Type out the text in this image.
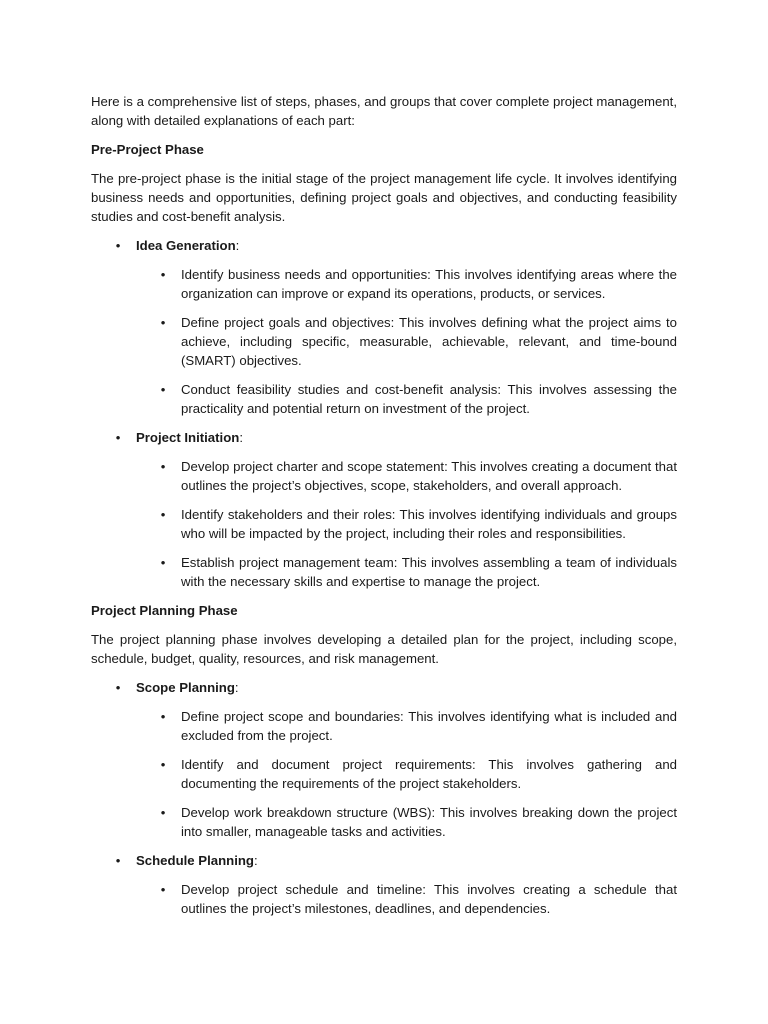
Here is a comprehensive list of steps, phases, and groups that cover complete project management, along with detailed explanations of each part:

Pre-Project Phase

The pre-project phase is the initial stage of the project management life cycle. It involves identifying business needs and opportunities, defining project goals and objectives, and conducting feasibility studies and cost-benefit analysis.

• Idea Generation:
• Identify business needs and opportunities: This involves identifying areas where the organization can improve or expand its operations, products, or services.
• Define project goals and objectives: This involves defining what the project aims to achieve, including specific, measurable, achievable, relevant, and time-bound (SMART) objectives.
• Conduct feasibility studies and cost-benefit analysis: This involves assessing the practicality and potential return on investment of the project.
• Project Initiation:
• Develop project charter and scope statement: This involves creating a document that outlines the project’s objectives, scope, stakeholders, and overall approach.
• Identify stakeholders and their roles: This involves identifying individuals and groups who will be impacted by the project, including their roles and responsibilities.
• Establish project management team: This involves assembling a team of individuals with the necessary skills and expertise to manage the project.

Project Planning Phase

The project planning phase involves developing a detailed plan for the project, including scope, schedule, budget, quality, resources, and risk management.

• Scope Planning:
• Define project scope and boundaries: This involves identifying what is included and excluded from the project.
• Identify and document project requirements: This involves gathering and documenting the requirements of the project stakeholders.
• Develop work breakdown structure (WBS): This involves breaking down the project into smaller, manageable tasks and activities.
• Schedule Planning:
• Develop project schedule and timeline: This involves creating a schedule that outlines the project’s milestones, deadlines, and dependencies.
